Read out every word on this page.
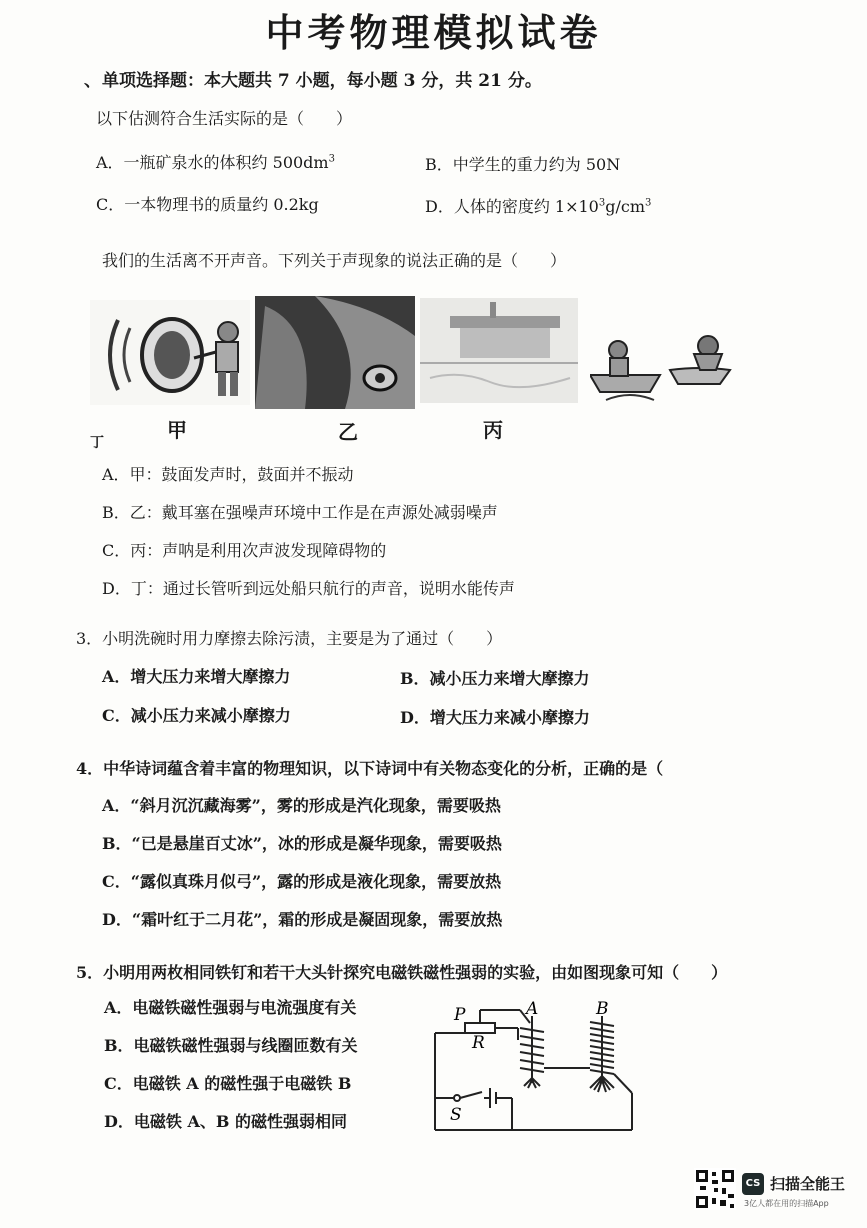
中考物理模拟试卷
、 单项选择题：本大题共 7 小题，每小题 3 分，共 21 分。
以下估测符合生活实际的是（　　）
A．一瓶矿泉水的体积约 $500dm^3$	B．中学生的重力约为 50N
C．一本物理书的质量约 0.2kg	D．人体的密度约 $1\times 10^3g/cm^3$
我们的生活离不开声音。下列关于声现象的说法正确的是（　　）
甲	乙	丙
丁
A．甲：鼓面发声时，鼓面并不振动
B．乙：戴耳塞在强噪声环境中工作是在声源处减弱噪声
C．丙：声呐是利用次声波发现障碍物的
D．丁：通过长管听到远处船只航行的声音，说明水能传声
3．小明洗碗时用力摩擦去除污渍，主要是为了通过（　　）
A．增大压力来增大摩擦力	B．减小压力来增大摩擦力
C．减小压力来减小摩擦力	D．增大压力来减小摩擦力
4．中华诗词蕴含着丰富的物理知识，以下诗词中有关物态变化的分析，正确的是（
A．“斜月沉沉藏海雾”，雾的形成是汽化现象，需要吸热
B．“已是悬崖百丈冰”，冰的形成是凝华现象，需要吸热
C．“露似真珠月似弓”，露的形成是液化现象，需要放热
D．“霜叶红于二月花”，霜的形成是凝固现象，需要放热
5．小明用两枚相同铁钉和若干大头针探究电磁铁磁性强弱的实验，由如图现象可知（　　）
A．电磁铁磁性强弱与电流强度有关
B．电磁铁磁性强弱与线圈匝数有关
C．电磁铁 A 的磁性强于电磁铁 B
D．电磁铁 A、B 的磁性强弱相同
P
R
A	B
S
CS 扫描全能王
3亿人都在用的扫描App
